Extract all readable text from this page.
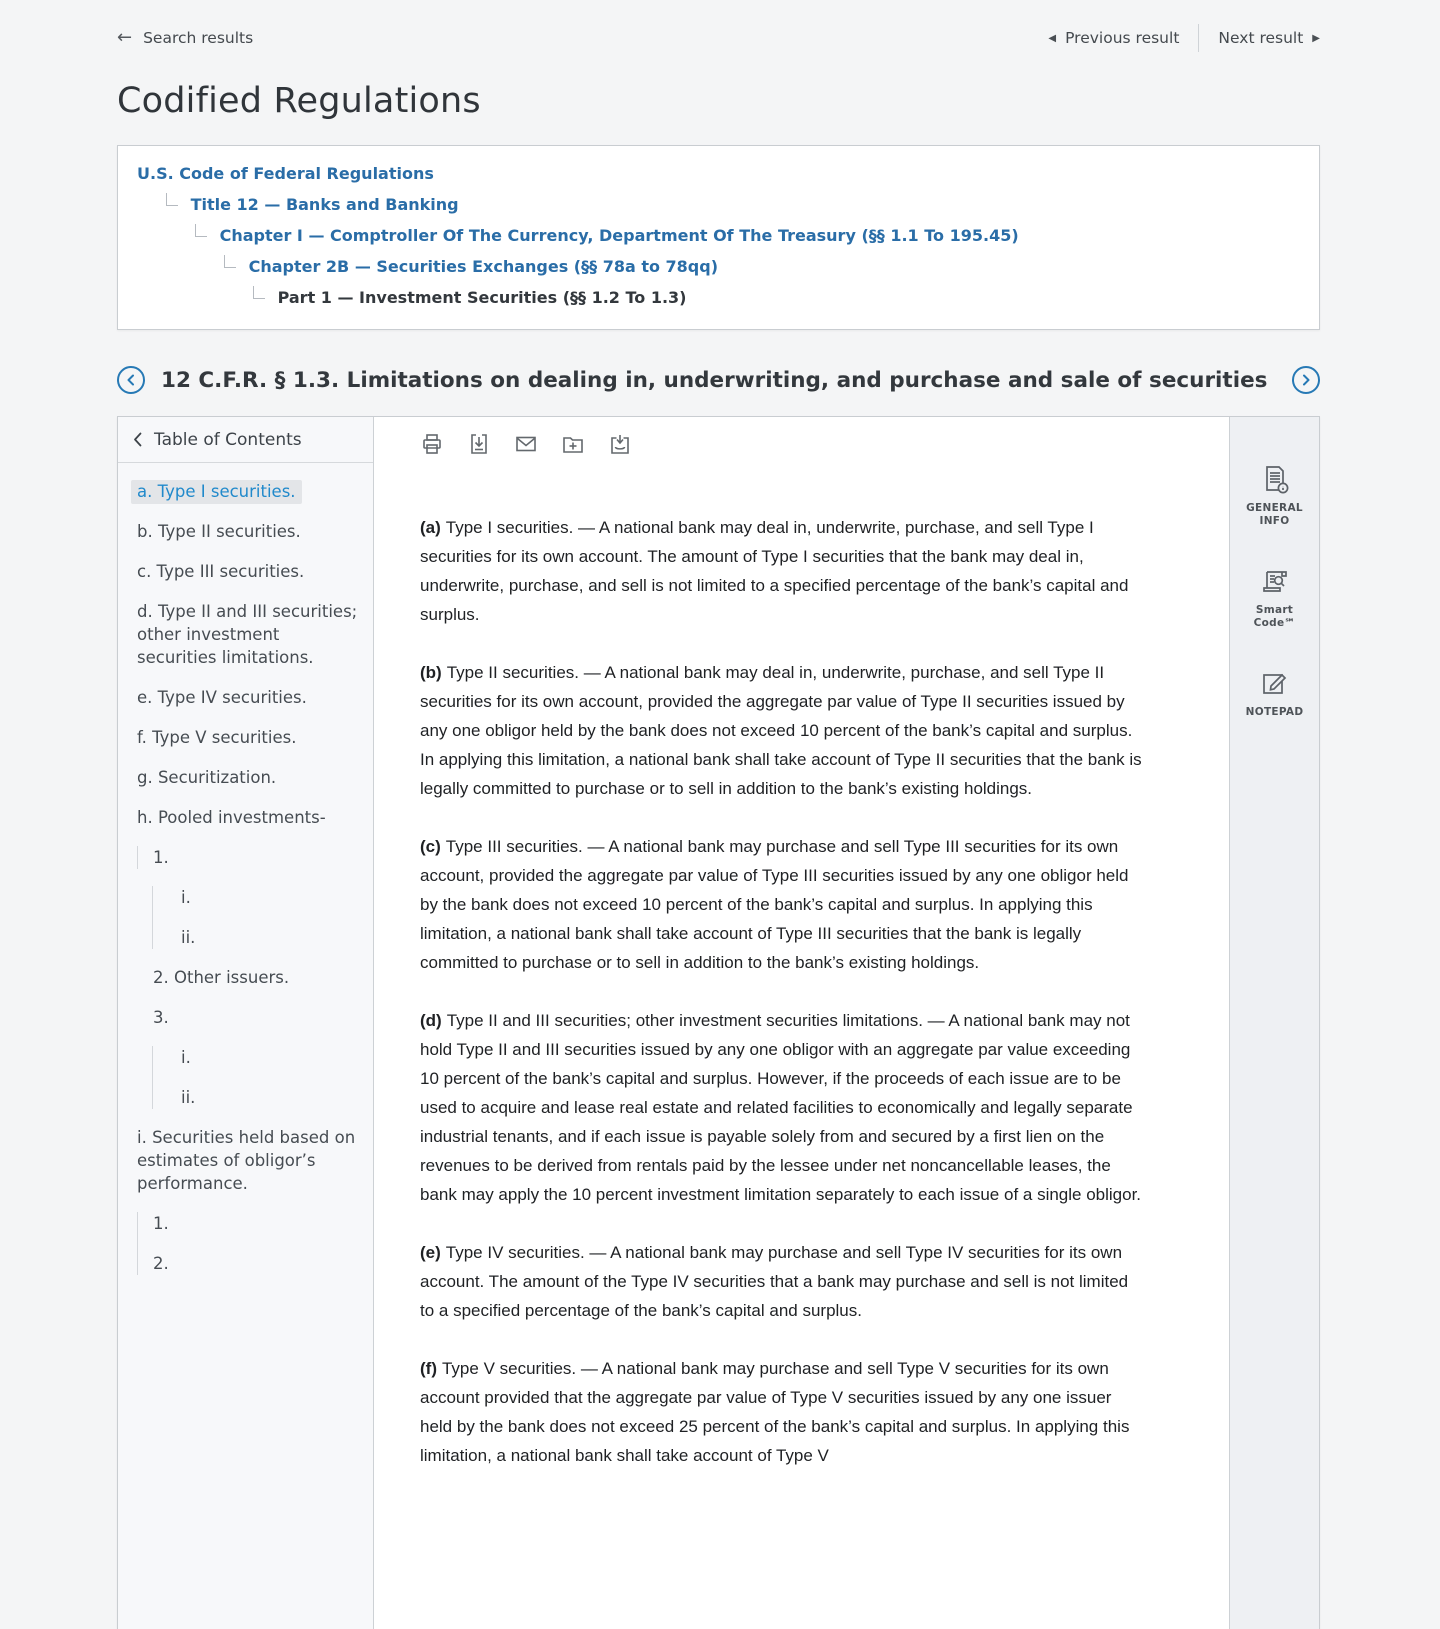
← Search results	◀ Previous result	Next result ▶
Codified Regulations
U.S. Code of Federal Regulations
Title 12 — Banks and Banking
Chapter I — Comptroller Of The Currency, Department Of The Treasury (§§ 1.1 To 195.45)
Chapter 2B — Securities Exchanges (§§ 78a to 78qq)
Part 1 — Investment Securities (§§ 1.2 To 1.3)
12 C.F.R. § 1.3. Limitations on dealing in, underwriting, and purchase and sale of securities
Table of Contents
a. Type I securities.
b. Type II securities.
c. Type III securities.
d. Type II and III securities; other investment securities limitations.
e. Type IV securities.
f. Type V securities.
g. Securitization.
h. Pooled investments-
1.
i.
ii.
2. Other issuers.
3.
i.
ii.
i. Securities held based on estimates of obligor’s performance.
1.
2.

(a) Type I securities. — A national bank may deal in, underwrite, purchase, and sell Type I securities for its own account. The amount of Type I securities that the bank may deal in, underwrite, purchase, and sell is not limited to a specified percentage of the bank’s capital and surplus.

(b) Type II securities. — A national bank may deal in, underwrite, purchase, and sell Type II securities for its own account, provided the aggregate par value of Type II securities issued by any one obligor held by the bank does not exceed 10 percent of the bank’s capital and surplus. In applying this limitation, a national bank shall take account of Type II securities that the bank is legally committed to purchase or to sell in addition to the bank’s existing holdings.

(c) Type III securities. — A national bank may purchase and sell Type III securities for its own account, provided the aggregate par value of Type III securities issued by any one obligor held by the bank does not exceed 10 percent of the bank’s capital and surplus. In applying this limitation, a national bank shall take account of Type III securities that the bank is legally committed to purchase or to sell in addition to the bank’s existing holdings.

(d) Type II and III securities; other investment securities limitations. — A national bank may not hold Type II and III securities issued by any one obligor with an aggregate par value exceeding 10 percent of the bank’s capital and surplus. However, if the proceeds of each issue are to be used to acquire and lease real estate and related facilities to economically and legally separate industrial tenants, and if each issue is payable solely from and secured by a first lien on the revenues to be derived from rentals paid by the lessee under net noncancellable leases, the bank may apply the 10 percent investment limitation separately to each issue of a single obligor.

(e) Type IV securities. — A national bank may purchase and sell Type IV securities for its own account. The amount of the Type IV securities that a bank may purchase and sell is not limited to a specified percentage of the bank’s capital and surplus.

(f) Type V securities. — A national bank may purchase and sell Type V securities for its own account provided that the aggregate par value of Type V securities issued by any one issuer held by the bank does not exceed 25 percent of the bank’s capital and surplus. In applying this limitation, a national bank shall take account of Type V

GENERAL INFO
Smart Code℠
NOTEPAD
